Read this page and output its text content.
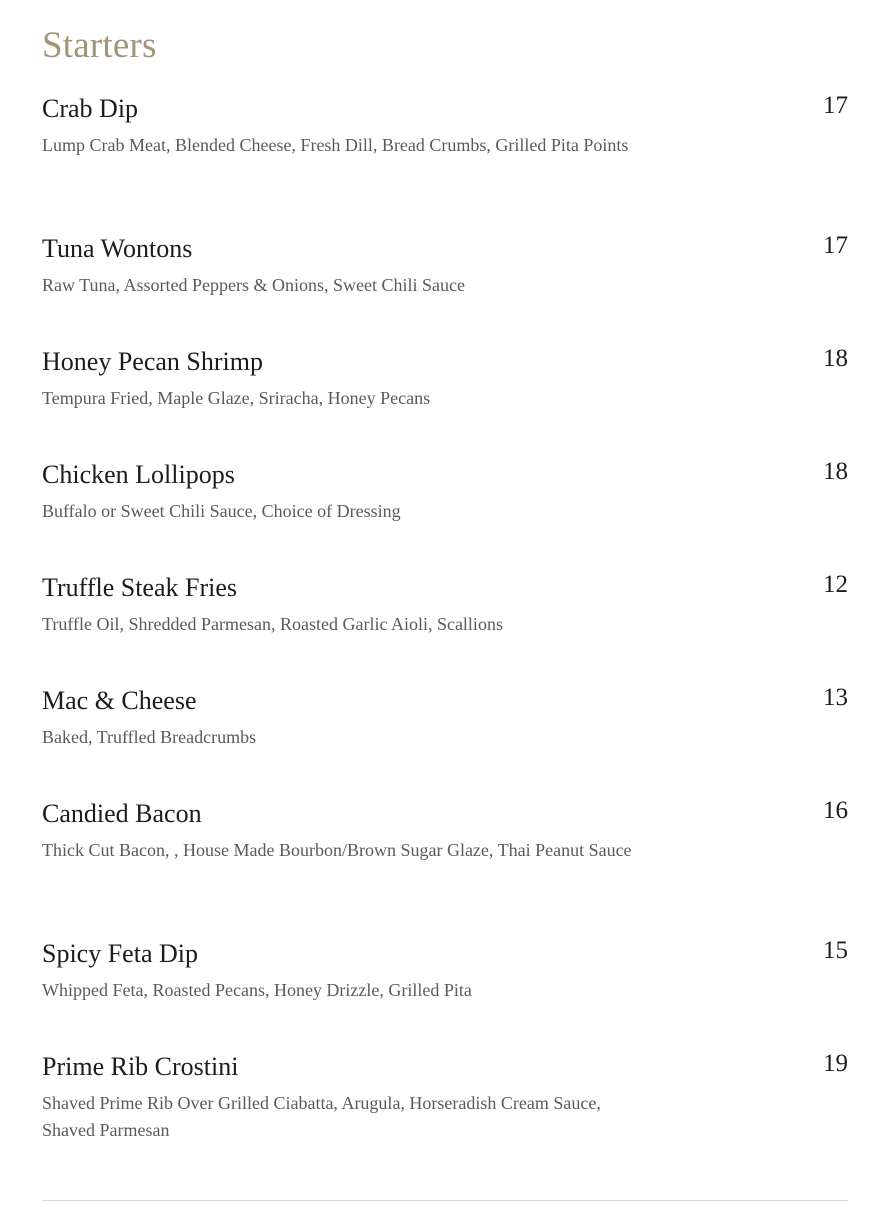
Starters
Crab Dip	17
Lump Crab Meat, Blended Cheese, Fresh Dill, Bread Crumbs, Grilled Pita Points
Tuna Wontons	17
Raw Tuna, Assorted Peppers & Onions, Sweet Chili Sauce
Honey Pecan Shrimp	18
Tempura Fried, Maple Glaze, Sriracha, Honey Pecans
Chicken Lollipops	18
Buffalo or Sweet Chili Sauce, Choice of Dressing
Truffle Steak Fries	12
Truffle Oil, Shredded Parmesan, Roasted Garlic Aioli, Scallions
Mac & Cheese	13
Baked, Truffled Breadcrumbs
Candied Bacon	16
Thick Cut Bacon, , House Made Bourbon/Brown Sugar Glaze, Thai Peanut Sauce
Spicy Feta Dip	15
Whipped Feta, Roasted Pecans, Honey Drizzle, Grilled Pita
Prime Rib Crostini	19
Shaved Prime Rib Over Grilled Ciabatta, Arugula, Horseradish Cream Sauce, Shaved Parmesan
